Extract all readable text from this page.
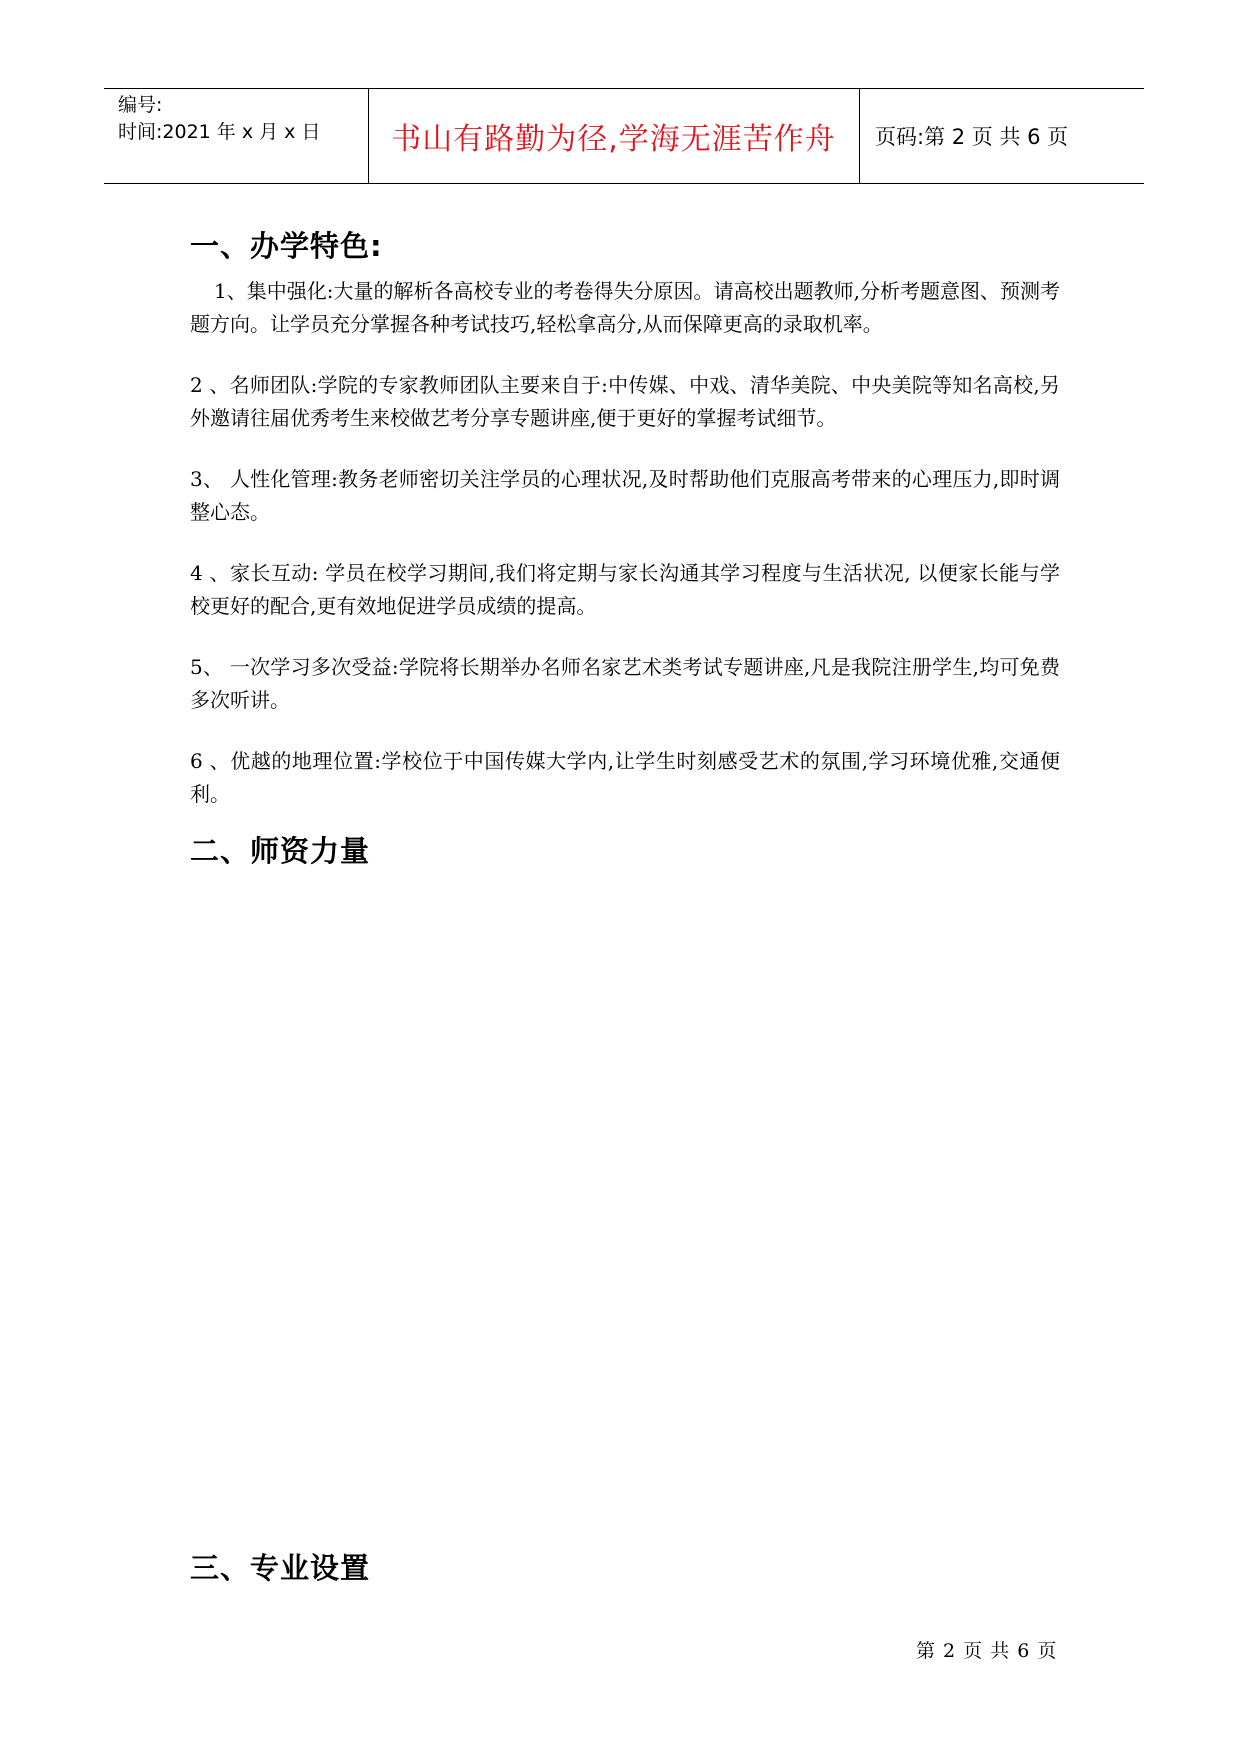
编号:
时间:2021 年 x 月 x 日	书山有路勤为径,学海无涯苦作舟	页码:第 2 页 共 6 页
一、办学特色:
1、集中强化:大量的解析各高校专业的考卷得失分原因。请高校出题教师,分析考题意图、预测考题方向。让学员充分掌握各种考试技巧,轻松拿高分,从而保障更高的录取机率。
2 、名师团队:学院的专家教师团队主要来自于:中传媒、中戏、清华美院、中央美院等知名高校,另外邀请往届优秀考生来校做艺考分享专题讲座,便于更好的掌握考试细节。
3、 人性化管理:教务老师密切关注学员的心理状况,及时帮助他们克服高考带来的心理压力,即时调整心态。
4 、家长互动: 学员在校学习期间,我们将定期与家长沟通其学习程度与生活状况, 以便家长能与学校更好的配合,更有效地促进学员成绩的提高。
5、 一次学习多次受益:学院将长期举办名师名家艺术类考试专题讲座,凡是我院注册学生,均可免费多次听讲。
6 、优越的地理位置:学校位于中国传媒大学内,让学生时刻感受艺术的氛围,学习环境优雅,交通便利。
二、师资力量
三、专业设置
第 2 页 共 6 页
